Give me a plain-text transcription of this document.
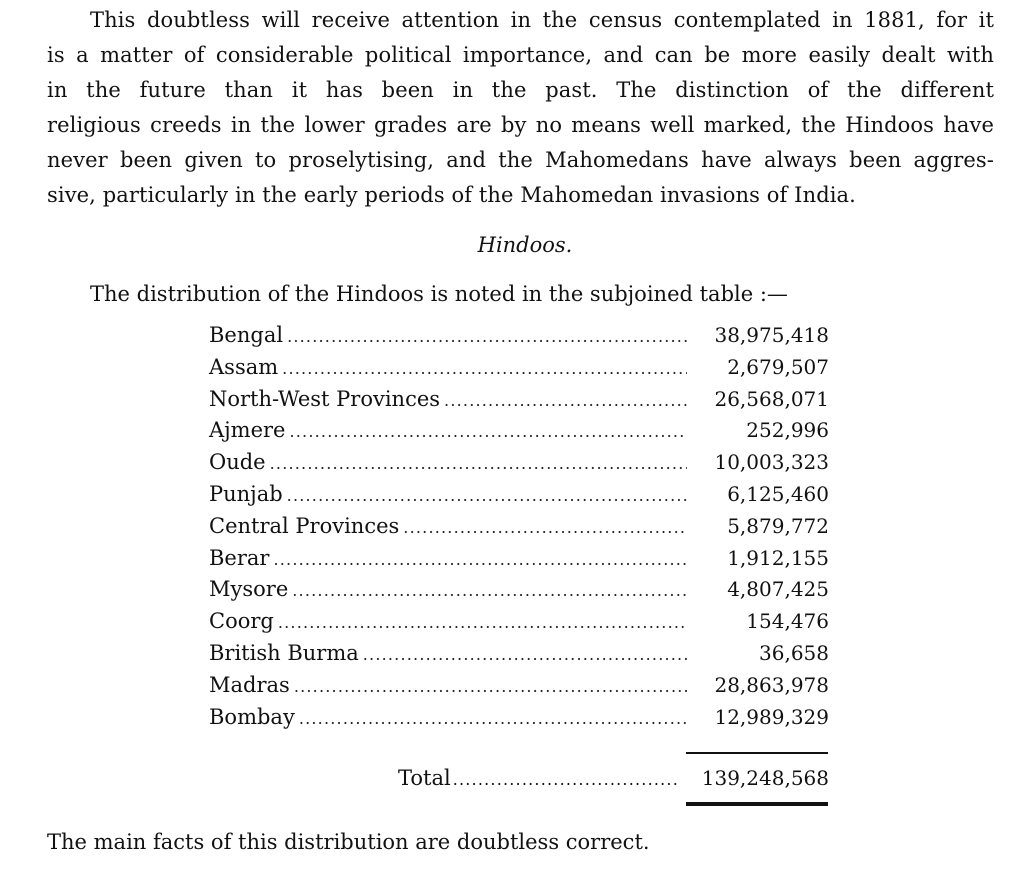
This doubtless will receive attention in the census contemplated in 1881, for it
is a matter of considerable political importance, and can be more easily dealt with
in the future than it has been in the past. The distinction of the different
religious creeds in the lower grades are by no means well marked, the Hindoos have
never been given to proselytising, and the Mahomedans have always been aggres-
sive, particularly in the early periods of the Mahomedan invasions of India.
Hindoos.
The distribution of the Hindoos is noted in the subjoined table :—
Bengal .....	38,975,418
Assam .....	2,679,507
North-West Provinces .....	26,568,071
Ajmere .....	252,996
Oude .....	10,003,323
Punjab .....	6,125,460
Central Provinces .....	5,879,772
Berar .....	1,912,155
Mysore .....	4,807,425
Coorg .....	154,476
British Burma .....	36,658
Madras .....	28,863,978
Bombay .....	12,989,329
Total .....	139,248,568
The main facts of this distribution are doubtless correct.
